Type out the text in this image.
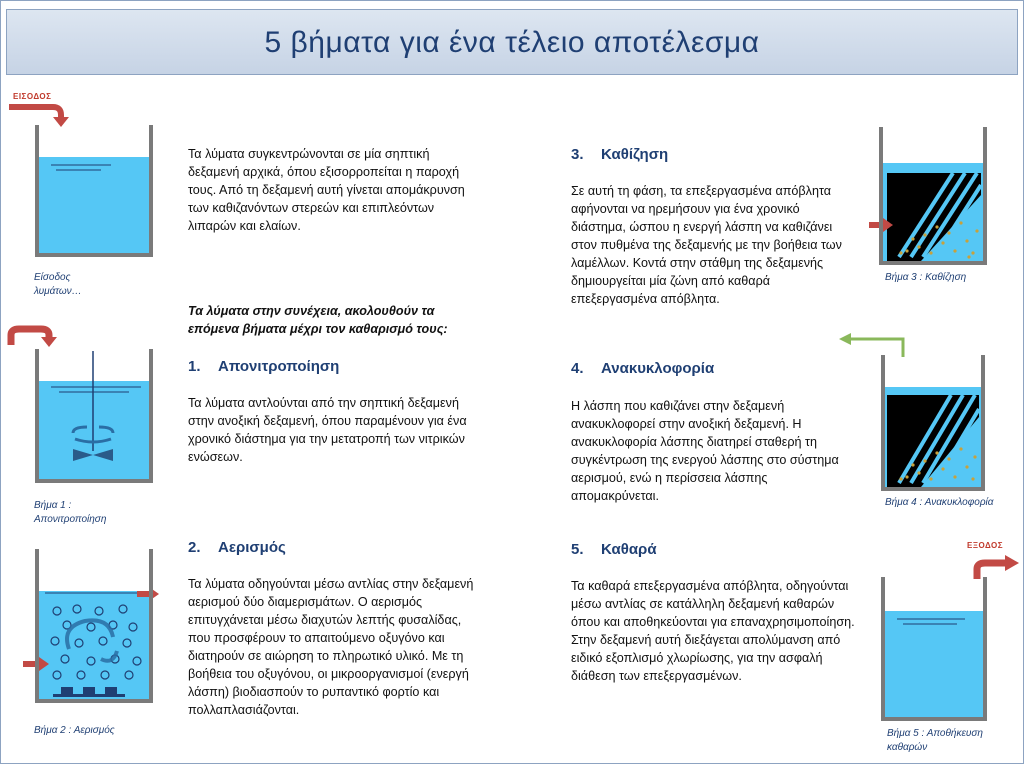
5 βήματα για ένα τέλειο αποτέλεσμα
ΕΙΣΟΔΟΣ
Είσοδος λυμάτων…
Τα λύματα συγκεντρώνονται σε μία σηπτική δεξαμενή αρχικά, όπου εξισορροπείται η παροχή τους. Από τη δεξαμενή αυτή γίνεται απομάκρυνση των καθιζανόντων στερεών και επιπλεόντων λιπαρών και ελαίων.
Τα λύματα στην συνέχεια, ακολουθούν τα επόμενα βήματα μέχρι τον καθαρισμό τους:
Βήμα 1 : Απονιτροποίηση
1. Απονιτροποίηση
Τα λύματα αντλούνται από την σηπτική δεξαμενή στην ανοξική δεξαμενή, όπου παραμένουν για ένα χρονικό διάστημα για την μετατροπή των νιτρικών ενώσεων.
Βήμα 2 : Αερισμός
2. Αερισμός
Τα λύματα οδηγούνται μέσω αντλίας στην δεξαμενή αερισμού δύο διαμερισμάτων. Ο αερισμός επιτυγχάνεται μέσω διαχυτών λεπτής φυσαλίδας, που προσφέρουν το απαιτούμενο οξυγόνο και διατηρούν σε αιώρηση το πληρωτικό υλικό. Με τη βοήθεια του οξυγόνου, οι μικροοργανισμοί (ενεργή λάσπη) βιοδιασπούν το ρυπαντικό φορτίο και πολλαπλασιάζονται.
3. Καθίζηση
Σε αυτή τη φάση, τα επεξεργασμένα απόβλητα αφήνονται να ηρεμήσουν για ένα χρονικό διάστημα, ώσπου η ενεργή λάσπη να καθιζάνει στον πυθμένα της δεξαμενής με την βοήθεια των λαμέλλων. Κοντά στην στάθμη της δεξαμενής δημιουργείται μία ζώνη από καθαρά επεξεργασμένα απόβλητα.
Βήμα 3 : Καθίζηση
4. Ανακυκλοφορία
Η λάσπη που καθιζάνει στην δεξαμενή ανακυκλοφορεί στην ανοξική δεξαμενή. Η ανακυκλοφορία λάσπης διατηρεί σταθερή τη συγκέντρωση της ενεργού λάσπης στο σύστημα αερισμού, ενώ η περίσσεια λάσπης απομακρύνεται.	Βήμα 4 : Ανακυκλοφορία
5. Καθαρά
Τα καθαρά επεξεργασμένα απόβλητα, οδηγούνται μέσω αντλίας σε κατάλληλη δεξαμενή καθαρών όπου και αποθηκεύονται για επαναχρησιμοποίηση. Στην δεξαμενή αυτή διεξάγεται απολύμανση από ειδικό εξοπλισμό χλωρίωσης, για την ασφαλή διάθεση των επεξεργασμένων.
ΕΞΟΔΟΣ
Βήμα 5 : Αποθήκευση καθαρών
